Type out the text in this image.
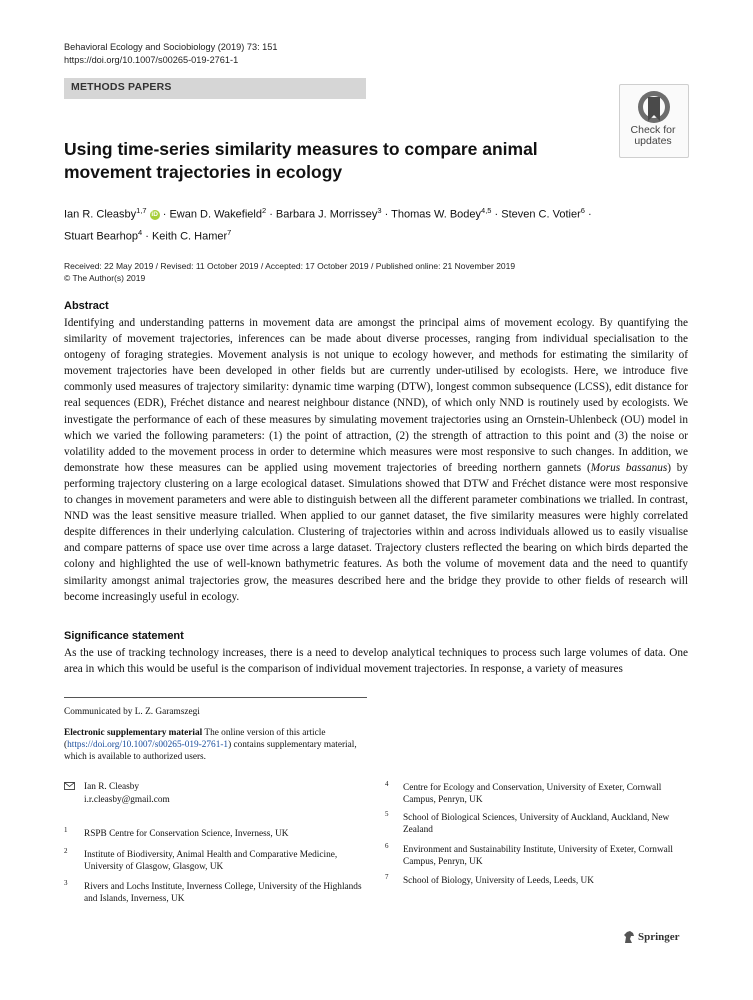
Behavioral Ecology and Sociobiology (2019) 73: 151
https://doi.org/10.1007/s00265-019-2761-1
METHODS PAPERS
Check for
updates
Using time-series similarity measures to compare animal movement trajectories in ecology
Ian R. Cleasby$^{1,7}$ iD · Ewan D. Wakefield$^2$ · Barbara J. Morrissey$^3$ · Thomas W. Bodey$^{4,5}$ · Steven C. Votier$^6$ ·
Stuart Bearhop$^4$ · Keith C. Hamer$^7$
Received: 22 May 2019 / Revised: 11 October 2019 / Accepted: 17 October 2019 / Published online: 21 November 2019
© The Author(s) 2019
Abstract
Identifying and understanding patterns in movement data are amongst the principal aims of movement ecology. By quantifying the similarity of movement trajectories, inferences can be made about diverse processes, ranging from individual specialisation to the ontogeny of foraging strategies. Movement analysis is not unique to ecology however, and methods for estimating the similarity of movement trajectories have been developed in other fields but are currently under-utilised by ecologists. Here, we introduce five commonly used measures of trajectory similarity: dynamic time warping (DTW), longest common subsequence (LCSS), edit distance for real sequences (EDR), Fréchet distance and nearest neighbour distance (NND), of which only NND is routinely used by ecologists. We investigate the performance of each of these measures by simulating movement trajectories using an Ornstein-Uhlenbeck (OU) model in which we varied the following parameters: (1) the point of attraction, (2) the strength of attraction to this point and (3) the noise or volatility added to the movement process in order to determine which measures were most responsive to such changes. In addition, we demonstrate how these measures can be applied using movement trajectories of breeding northern gannets (Morus bassanus) by performing trajectory clustering on a large ecological dataset. Simulations showed that DTW and Fréchet distance were most responsive to changes in movement parameters and were able to distinguish between all the different parameter combinations we trialled. In contrast, NND was the least sensitive measure trialled. When applied to our gannet dataset, the five similarity measures were highly correlated despite differences in their underlying calculation. Clustering of trajectories within and across individuals allowed us to easily visualise and compare patterns of space use over time across a large dataset. Trajectory clusters reflected the bearing on which birds departed the colony and highlighted the use of well-known bathymetric features. As both the volume of movement data and the need to quantify similarity amongst animal trajectories grow, the measures described here and the bridge they provide to other fields of research will become increasingly useful in ecology.
Significance statement
As the use of tracking technology increases, there is a need to develop analytical techniques to process such large volumes of data. One area in which this would be useful is the comparison of individual movement trajectories. In response, a variety of measures
Communicated by L. Z. Garamszegi
Electronic supplementary material The online version of this article (https://doi.org/10.1007/s00265-019-2761-1) contains supplementary material, which is available to authorized users.
Ian R. Cleasby
i.r.cleasby@gmail.com
1 RSPB Centre for Conservation Science, Inverness, UK
2 Institute of Biodiversity, Animal Health and Comparative Medicine, University of Glasgow, Glasgow, UK
3 Rivers and Lochs Institute, Inverness College, University of the Highlands and Islands, Inverness, UK
4 Centre for Ecology and Conservation, University of Exeter, Cornwall Campus, Penryn, UK
5 School of Biological Sciences, University of Auckland, Auckland, New Zealand
6 Environment and Sustainability Institute, University of Exeter, Cornwall Campus, Penryn, UK
7 School of Biology, University of Leeds, Leeds, UK
Springer
